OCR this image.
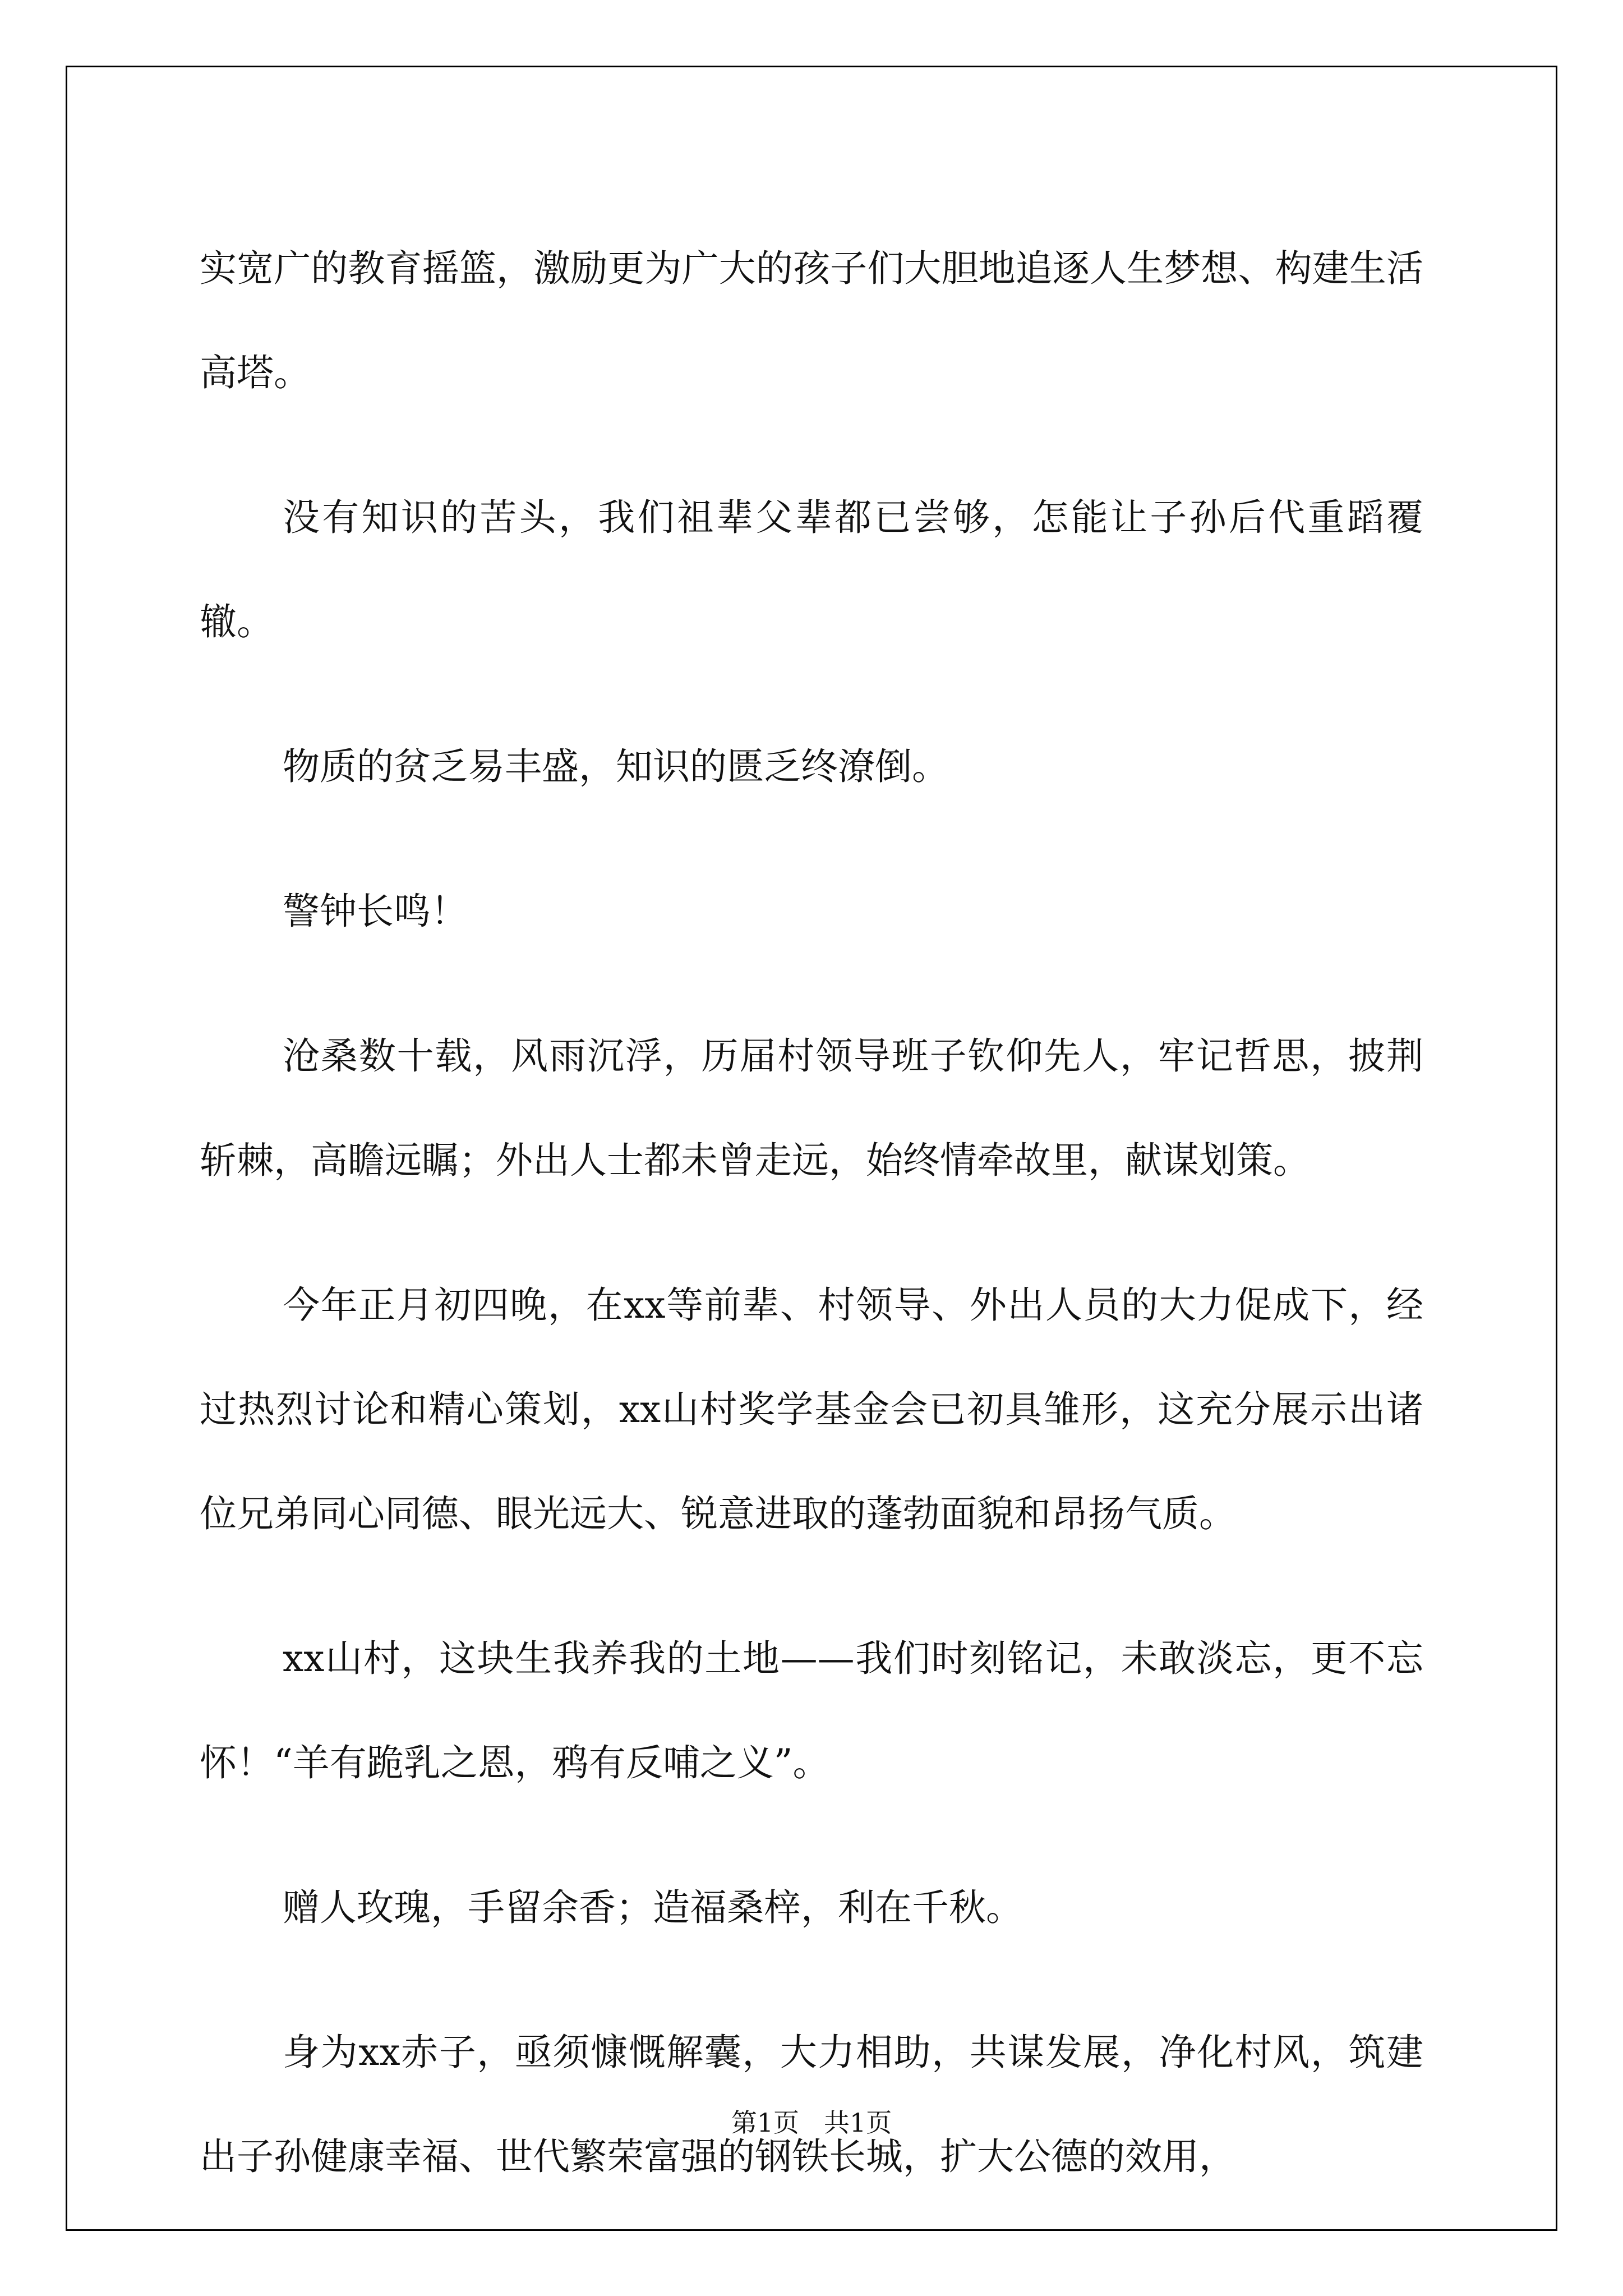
实宽广的教育摇篮，激励更为广大的孩子们大胆地追逐人生梦想、构建生活高塔。

没有知识的苦头，我们祖辈父辈都已尝够，怎能让子孙后代重蹈覆辙。

物质的贫乏易丰盛，知识的匮乏终潦倒。

警钟长鸣！

沧桑数十载，风雨沉浮，历届村领导班子钦仰先人，牢记哲思，披荆斩棘，高瞻远瞩；外出人士都未曾走远，始终情牵故里，献谋划策。

今年正月初四晚，在xx等前辈、村领导、外出人员的大力促成下，经过热烈讨论和精心策划，xx山村奖学基金会已初具雏形，这充分展示出诸位兄弟同心同德、眼光远大、锐意进取的蓬勃面貌和昂扬气质。

xx山村，这块生我养我的土地——我们时刻铭记，未敢淡忘，更不忘怀！“羊有跪乳之恩，鸦有反哺之义”。

赠人玫瑰，手留余香；造福桑梓，利在千秋。

身为xx赤子，亟须慷慨解囊，大力相助，共谋发展，净化村风，筑建出子孙健康幸福、世代繁荣富强的钢铁长城，扩大公德的效用，

第1页 共1页
